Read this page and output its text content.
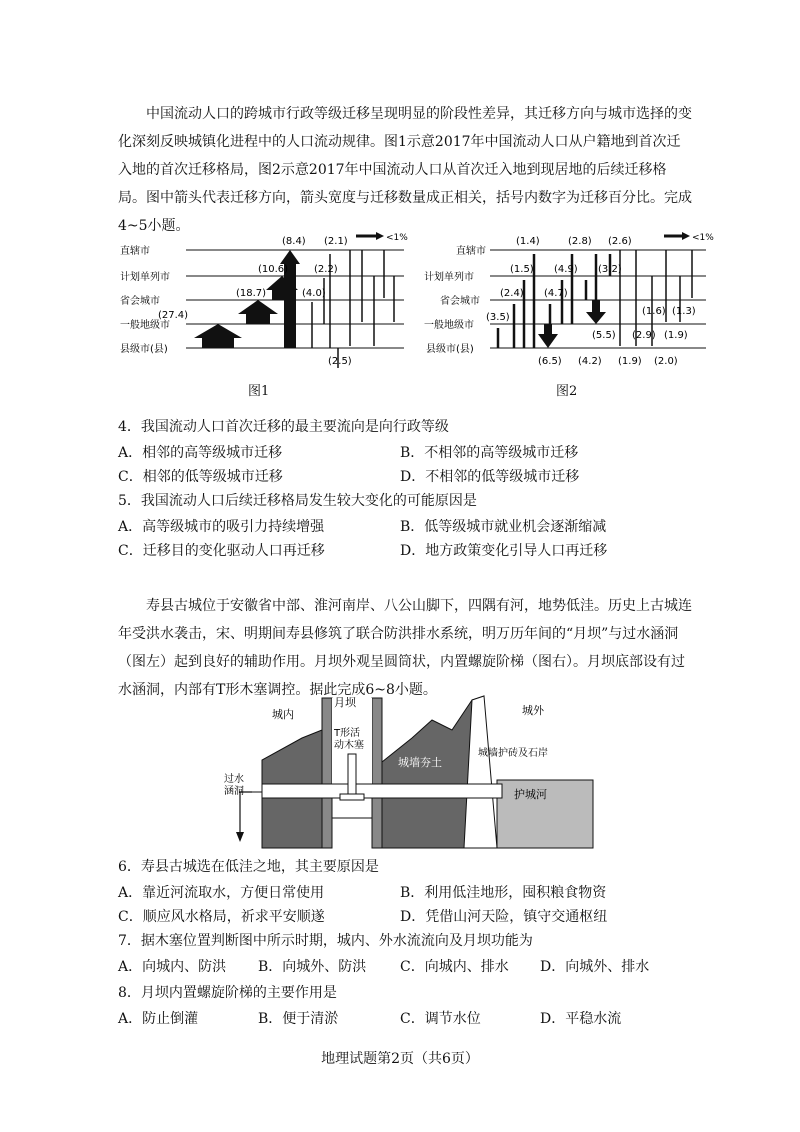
中国流动人口的跨城市行政等级迁移呈现明显的阶段性差异，其迁移方向与城市选择的变化深刻反映城镇化进程中的人口流动规律。图1示意2017年中国流动人口从户籍地到首次迁入地的首次迁移格局，图2示意2017年中国流动人口从首次迁入地到现居地的后续迁移格局。图中箭头代表迁移方向，箭头宽度与迁移数量成正相关，括号内数字为迁移百分比。完成4~5小题。

直辖市
计划单列市
省会城市
一般地级市
县级市(县)
(27.4)
(18.7)
(10.6)
(8.4)
(4.0)
(2.2)
(2.1)
(2.5)
<1%
图1
直辖市
计划单列市
省会城市
一般地级市
县级市(县)
(1.4)	(2.8) (2.6)
(1.5) (4.9) (3.2)
(2.4) (4.7)
(3.5)
(1.6) (1.3)
(5.5) (2.9) (1.9)
(6.5) (4.2) (1.9) (2.0)
<1%
图2
4．我国流动人口首次迁移的最主要流向是向行政等级
A．相邻的高等级城市迁移	B．不相邻的高等级城市迁移
C．相邻的低等级城市迁移	D．不相邻的低等级城市迁移
5．我国流动人口后续迁移格局发生较大变化的可能原因是
A．高等级城市的吸引力持续增强	B．低等级城市就业机会逐渐缩减
C．迁移目的变化驱动人口再迁移	D．地方政策变化引导人口再迁移

寿县古城位于安徽省中部、淮河南岸、八公山脚下，四隅有河，地势低洼。历史上古城连年受洪水袭击，宋、明期间寿县修筑了联合防洪排水系统，明万历年间的“月坝”与过水涵洞（图左）起到良好的辅助作用。月坝外观呈圆筒状，内置螺旋阶梯（图右）。月坝底部设有过水涵洞，内部有T形木塞调控。据此完成6~8小题。

城内
月坝
城外
T形活
动木塞
城墙夯土
城墙护砖及石岸
过水
涵洞	护城河
6．寿县古城选在低洼之地，其主要原因是
A．靠近河流取水，方便日常使用	B．利用低洼地形，囤积粮食物资
C．顺应风水格局，祈求平安顺遂	D．凭借山河天险，镇守交通枢纽
7．据木塞位置判断图中所示时期，城内、外水流流向及月坝功能为
A．向城内、防洪 B．向城外、防洪 C．向城内、排水 D．向城外、排水
8．月坝内置螺旋阶梯的主要作用是
A．防止倒灌	B．便于清淤	C．调节水位	D．平稳水流
地理试题第2页（共6页）
